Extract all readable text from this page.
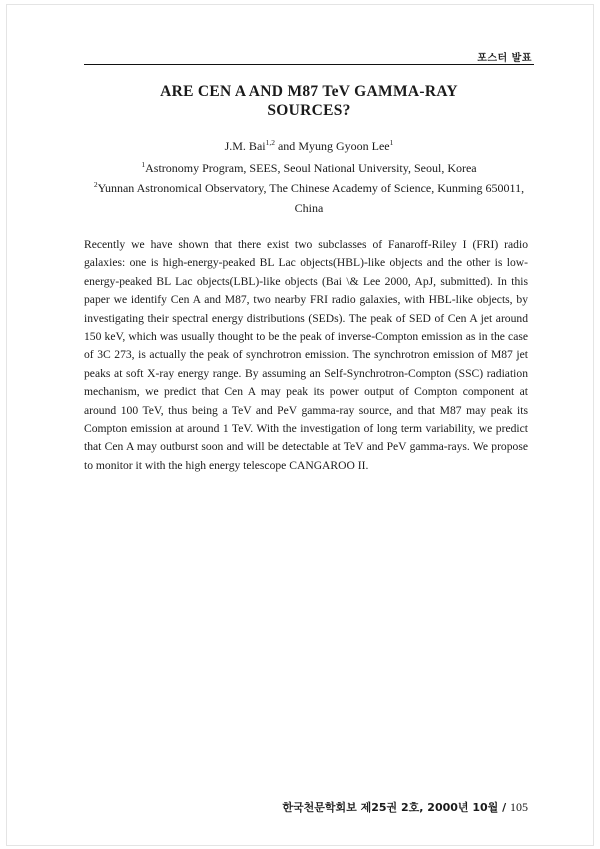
포스터 발표
ARE CEN A AND M87 TeV GAMMA-RAY
SOURCES?
J.M. Bai$^{1,2}$ and Myung Gyoon Lee$^1$
$^1$Astronomy Program, SEES, Seoul National University, Seoul, Korea
$^2$Yunnan Astronomical Observatory, The Chinese Academy of Science, Kunming 650011, China

Recently we have shown that there exist two subclasses of Fanaroff-Riley I (FRI) radio galaxies: one is high-energy-peaked BL Lac objects(HBL)-like objects and the other is low-energy-peaked BL Lac objects(LBL)-like objects (Bai \& Lee 2000, ApJ, submitted). In this paper we identify Cen A and M87, two nearby FRI radio galaxies, with HBL-like objects, by investigating their spectral energy distributions (SEDs). The peak of SED of Cen A jet around 150 keV, which was usually thought to be the peak of inverse-Compton emission as in the case of 3C 273, is actually the peak of synchrotron emission. The synchrotron emission of M87 jet peaks at soft X-ray energy range. By assuming an Self-Synchrotron-Compton (SSC) radiation mechanism, we predict that Cen A may peak its power output of Compton component at around 100 TeV, thus being a TeV and PeV gamma-ray source, and that M87 may peak its Compton emission at around 1 TeV. With the investigation of long term variability, we predict that Cen A may outburst soon and will be detectable at TeV and PeV gamma-rays. We propose to monitor it with the high energy telescope CANGAROO II.

한국천문학회보 제25권 2호, 2000년 10월 / 105
